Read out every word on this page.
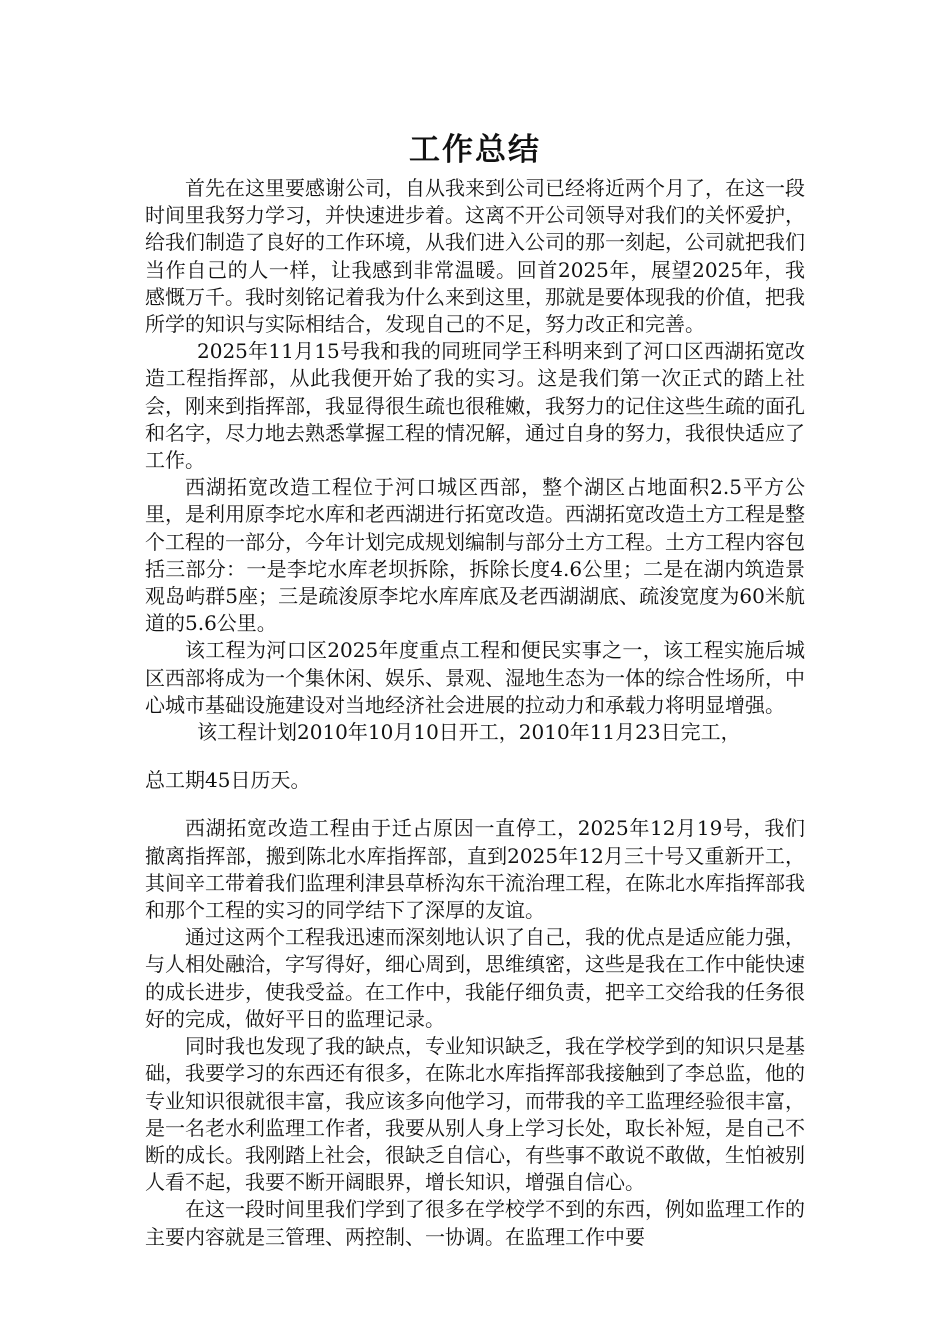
工作总结

首先在这里要感谢公司，自从我来到公司已经将近两个月了，在这一段时间里我努力学习，并快速进步着。这离不开公司领导对我们的关怀爱护，给我们制造了良好的工作环境，从我们进入公司的那一刻起，公司就把我们当作自己的人一样，让我感到非常温暖。回首2025年，展望2025年，我感慨万千。我时刻铭记着我为什么来到这里，那就是要体现我的价值，把我所学的知识与实际相结合，发现自己的不足，努力改正和完善。

2025年11月15号我和我的同班同学王科明来到了河口区西湖拓宽改造工程指挥部，从此我便开始了我的实习。这是我们第一次正式的踏上社会，刚来到指挥部，我显得很生疏也很稚嫩，我努力的记住这些生疏的面孔和名字，尽力地去熟悉掌握工程的情况解，通过自身的努力，我很快适应了工作。

西湖拓宽改造工程位于河口城区西部，整个湖区占地面积2.5平方公里，是利用原李坨水库和老西湖进行拓宽改造。西湖拓宽改造土方工程是整个工程的一部分，今年计划完成规划编制与部分土方工程。土方工程内容包括三部分：一是李坨水库老坝拆除，拆除长度4.6公里；二是在湖内筑造景观岛屿群5座；三是疏浚原李坨水库库底及老西湖湖底、疏浚宽度为60米航道的5.6公里。

该工程为河口区2025年度重点工程和便民实事之一，该工程实施后城区西部将成为一个集休闲、娱乐、景观、湿地生态为一体的综合性场所，中心城市基础设施建设对当地经济社会进展的拉动力和承载力将明显增强。

该工程计划2010年10月10日开工，2010年11月23日完工，

总工期45日历天。

西湖拓宽改造工程由于迁占原因一直停工，2025年12月19号，我们撤离指挥部，搬到陈北水库指挥部，直到2025年12月三十号又重新开工，其间辛工带着我们监理利津县草桥沟东干流治理工程，在陈北水库指挥部我和那个工程的实习的同学结下了深厚的友谊。

通过这两个工程我迅速而深刻地认识了自己，我的优点是适应能力强，与人相处融洽，字写得好，细心周到，思维缜密，这些是我在工作中能快速的成长进步，使我受益。在工作中，我能仔细负责，把辛工交给我的任务很好的完成，做好平日的监理记录。

同时我也发现了我的缺点，专业知识缺乏，我在学校学到的知识只是基础，我要学习的东西还有很多，在陈北水库指挥部我接触到了李总监，他的专业知识很就很丰富，我应该多向他学习，而带我的辛工监理经验很丰富，是一名老水利监理工作者，我要从别人身上学习长处，取长补短，是自己不断的成长。我刚踏上社会，很缺乏自信心，有些事不敢说不敢做，生怕被别人看不起，我要不断开阔眼界，增长知识，增强自信心。

在这一段时间里我们学到了很多在学校学不到的东西，例如监理工作的主要内容就是三管理、两控制、一协调。在监理工作中要
